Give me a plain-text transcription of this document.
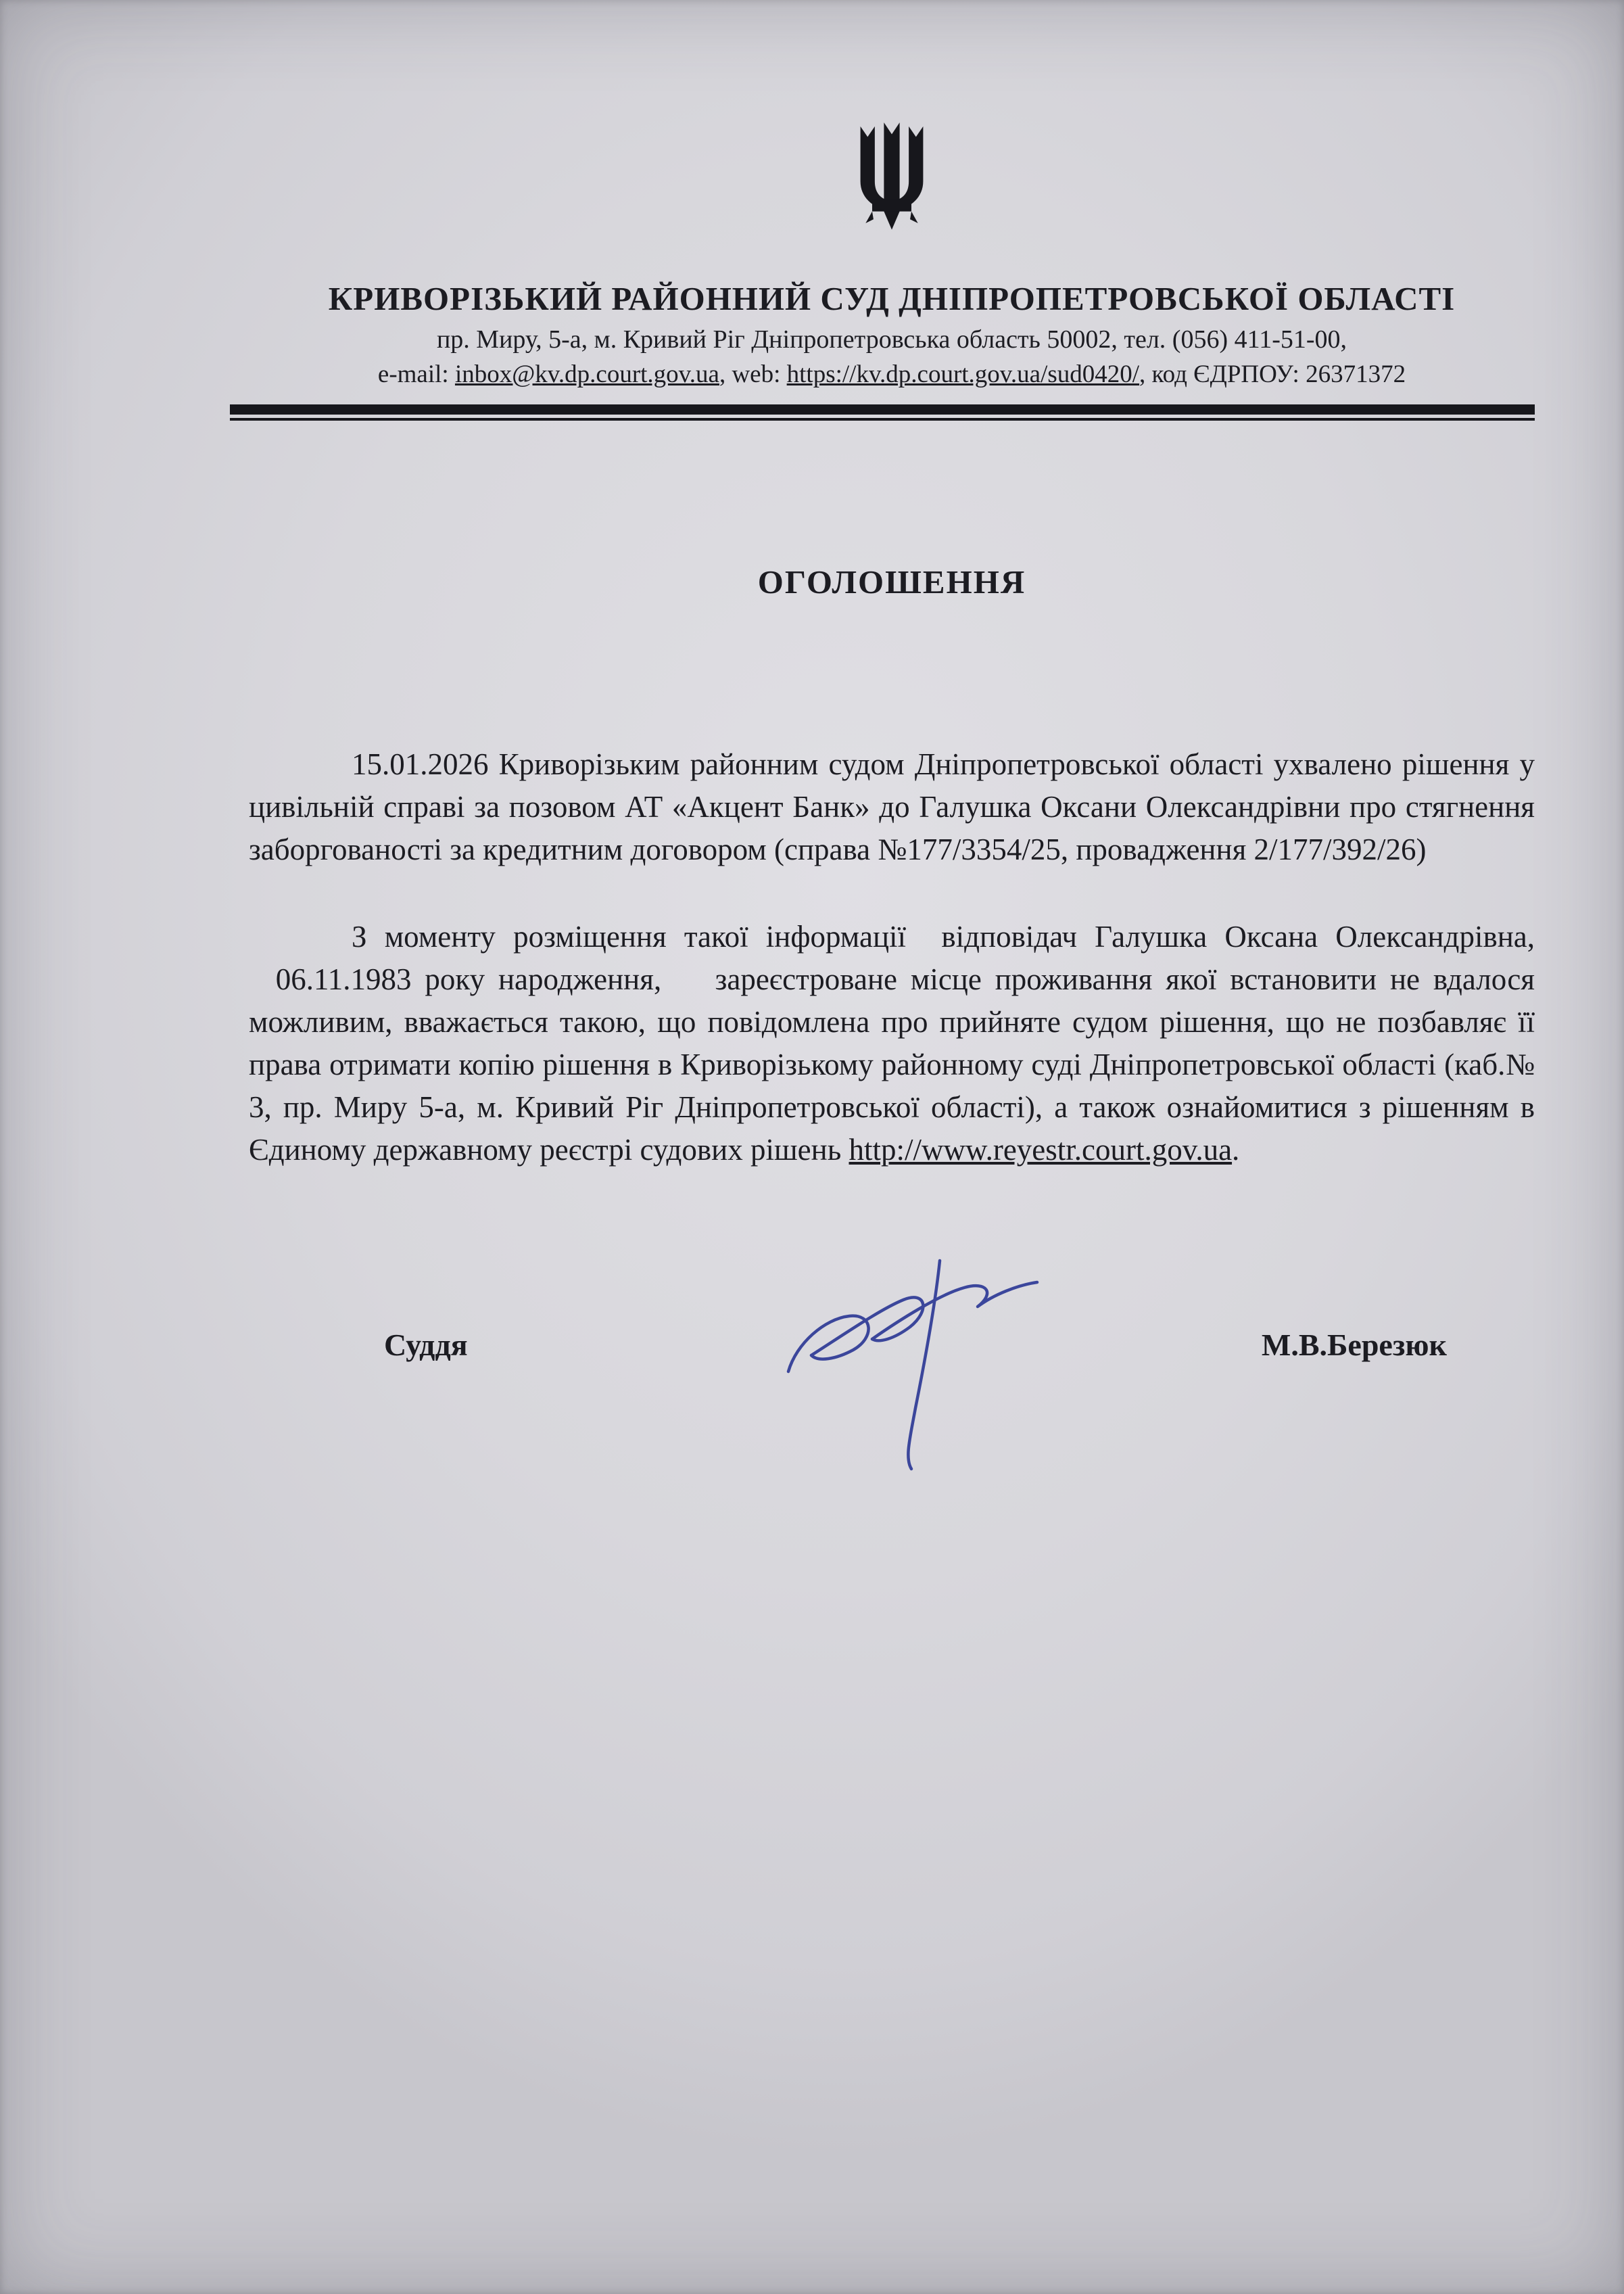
КРИВОРІЗЬКИЙ РАЙОННИЙ СУД ДНІПРОПЕТРОВСЬКОЇ ОБЛАСТІ

пр. Миру, 5-а, м. Кривий Ріг Дніпропетровська область 50002, тел. (056) 411-51-00,

e-mail: inbox@kv.dp.court.gov.ua, web: https://kv.dp.court.gov.ua/sud0420/, код ЄДРПОУ: 26371372

ОГОЛОШЕННЯ

15.01.2026 Криворізьким районним судом Дніпропетровської області ухвалено рішення у цивільній справі за позовом АТ «Акцент Банк» до Галушка Оксани Олександрівни про стягнення заборгованості за кредитним договором (справа №177/3354/25, провадження 2/177/392/26)

З моменту розміщення такої інформації  відповідач Галушка Оксана Олександрівна,   06.11.1983 року народження,    зареєстроване місце проживання якої встановити не вдалося можливим, вважається такою, що повідомлена про прийняте судом рішення, що не позбавляє її права отримати копію рішення в Криворізькому районному суді Дніпропетровської області (каб.№ 3, пр. Миру 5-а, м. Кривий Ріг Дніпропетровської області), а також ознайомитися з рішенням в Єдиному державному реєстрі судових рішень http://www.reyestr.court.gov.ua.

Суддя	М.В.Березюк
